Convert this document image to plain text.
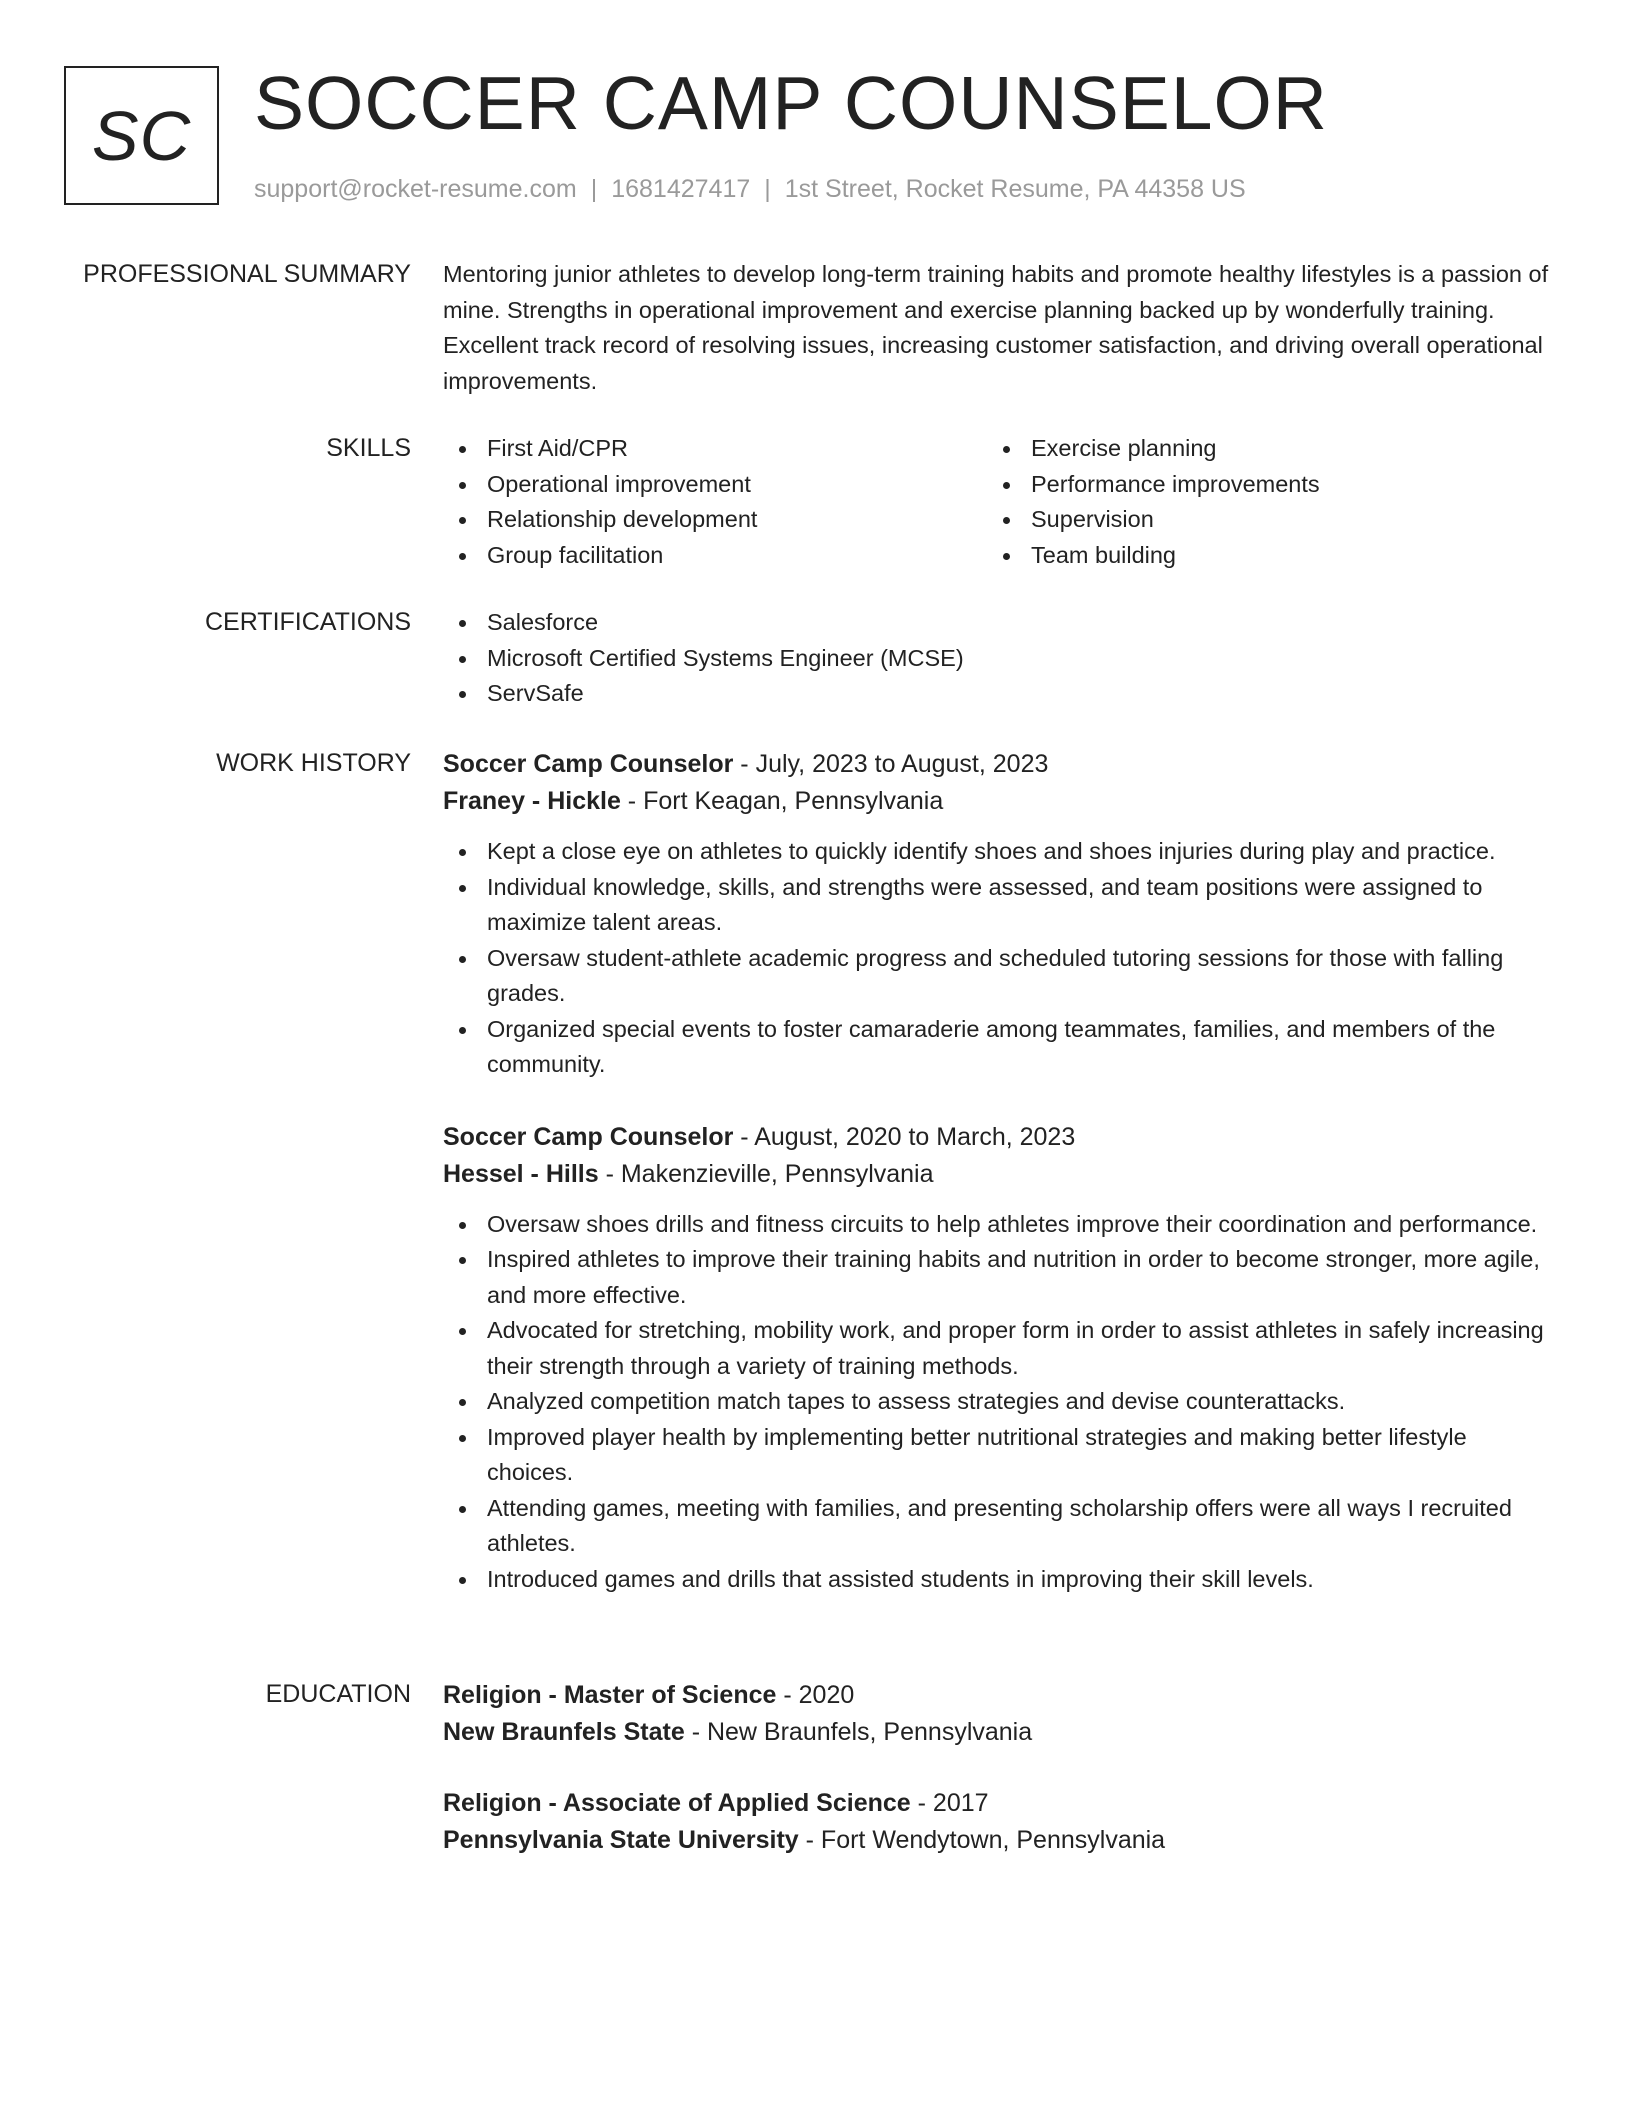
SC SOCCER CAMP COUNSELOR
support@rocket-resume.com | 1681427417 | 1st Street, Rocket Resume, PA 44358 US
PROFESSIONAL SUMMARY Mentoring junior athletes to develop long-term training habits and promote healthy lifestyles is a passion of mine. Strengths in operational improvement and exercise planning backed up by wonderfully training. Excellent track record of resolving issues, increasing customer satisfaction, and driving overall operational improvements.
SKILLS	First Aid/CPR
Operational improvement
Relationship development
Group facilitation
Exercise planning
Performance improvements
Supervision
Team building
CERTIFICATIONS	Salesforce
Microsoft Certified Systems Engineer (MCSE)
ServSafe
WORK HISTORY Soccer Camp Counselor - July, 2023 to August, 2023
Franey - Hickle - Fort Keagan, Pennsylvania
Kept a close eye on athletes to quickly identify shoes and shoes injuries during play and practice.
Individual knowledge, skills, and strengths were assessed, and team positions were assigned to maximize talent areas.
Oversaw student-athlete academic progress and scheduled tutoring sessions for those with falling grades.
Organized special events to foster camaraderie among teammates, families, and members of the community.
Soccer Camp Counselor - August, 2020 to March, 2023
Hessel - Hills - Makenzieville, Pennsylvania
Oversaw shoes drills and fitness circuits to help athletes improve their coordination and performance.
Inspired athletes to improve their training habits and nutrition in order to become stronger, more agile, and more effective.
Advocated for stretching, mobility work, and proper form in order to assist athletes in safely increasing their strength through a variety of training methods.
Analyzed competition match tapes to assess strategies and devise counterattacks.
Improved player health by implementing better nutritional strategies and making better lifestyle choices.
Attending games, meeting with families, and presenting scholarship offers were all ways I recruited athletes.
Introduced games and drills that assisted students in improving their skill levels.
EDUCATION Religion - Master of Science - 2020
New Braunfels State - New Braunfels, Pennsylvania
Religion - Associate of Applied Science - 2017
Pennsylvania State University - Fort Wendytown, Pennsylvania
